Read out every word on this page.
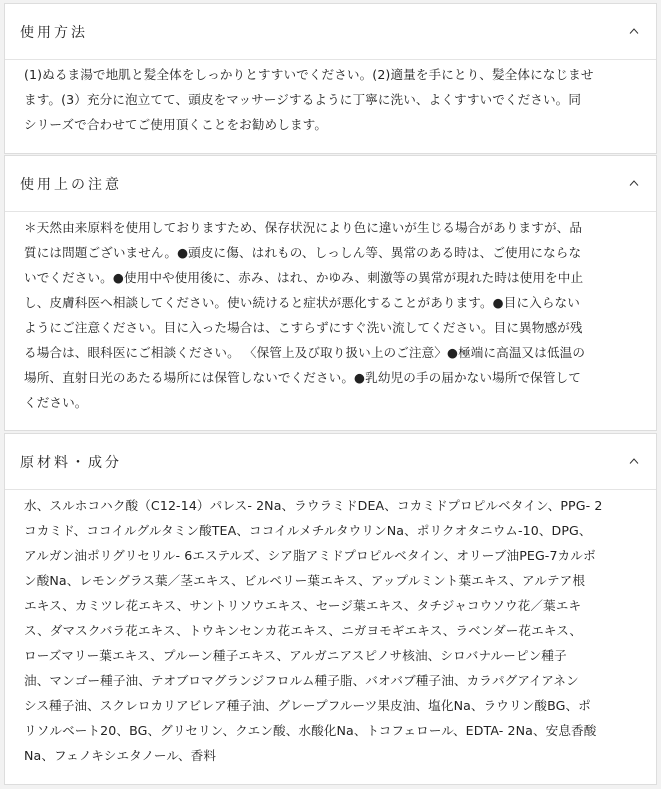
使用方法
(1)ぬるま湯で地肌と髪全体をしっかりとすすいでください。(2)適量を手にとり、髪全体になじませ
ます。(3）充分に泡立てて、頭皮をマッサージするように丁寧に洗い、よくすすいでください。同
シリーズで合わせてご使用頂くことをお勧めします。
使用上の注意
＊天然由来原料を使用しておりますため、保存状況により色に違いが生じる場合がありますが、品
質には問題ございません。●頭皮に傷、はれもの、しっしん等、異常のある時は、ご使用にならな
いでください。●使用中や使用後に、赤み、はれ、かゆみ、刺激等の異常が現れた時は使用を中止
し、皮膚科医へ相談してください。使い続けると症状が悪化することがあります。●目に入らない
ようにご注意ください。目に入った場合は、こすらずにすぐ洗い流してください。目に異物感が残
る場合は、眼科医にご相談ください。 〈保管上及び取り扱い上のご注意〉●極端に高温又は低温の
場所、直射日光のあたる場所には保管しないでください。●乳幼児の手の届かない場所で保管して
ください。
原材料・成分
水、スルホコハク酸（C12-14）パレス- 2Na、ラウラミドDEA、コカミドプロピルベタイン、PPG- 2
コカミド、ココイルグルタミン酸TEA、ココイルメチルタウリンNa、ポリクオタニウム-10、DPG、
アルガン油ポリグリセリル- 6エステルズ、シア脂アミドプロピルベタイン、オリーブ油PEG-7カルボ
ン酸Na、レモングラス葉／茎エキス、ビルベリー葉エキス、アップルミント葉エキス、アルテア根
エキス、カミツレ花エキス、サントリソウエキス、セージ葉エキス、タチジャコウソウ花／葉エキ
ス、ダマスクバラ花エキス、トウキンセンカ花エキス、ニガヨモギエキス、ラベンダー花エキス、
ローズマリー葉エキス、プルーン種子エキス、アルガニアスピノサ核油、シロバナルーピン種子
油、マンゴー種子油、テオブロマグランジフロルム種子脂、バオバブ種子油、カラパグアイアネン
シス種子油、スクレロカリアビレア種子油、グレープフルーツ果皮油、塩化Na、ラウリン酸BG、ポ
リソルベート20、BG、グリセリン、クエン酸、水酸化Na、トコフェロール、EDTA- 2Na、安息香酸
Na、フェノキシエタノール、香料
